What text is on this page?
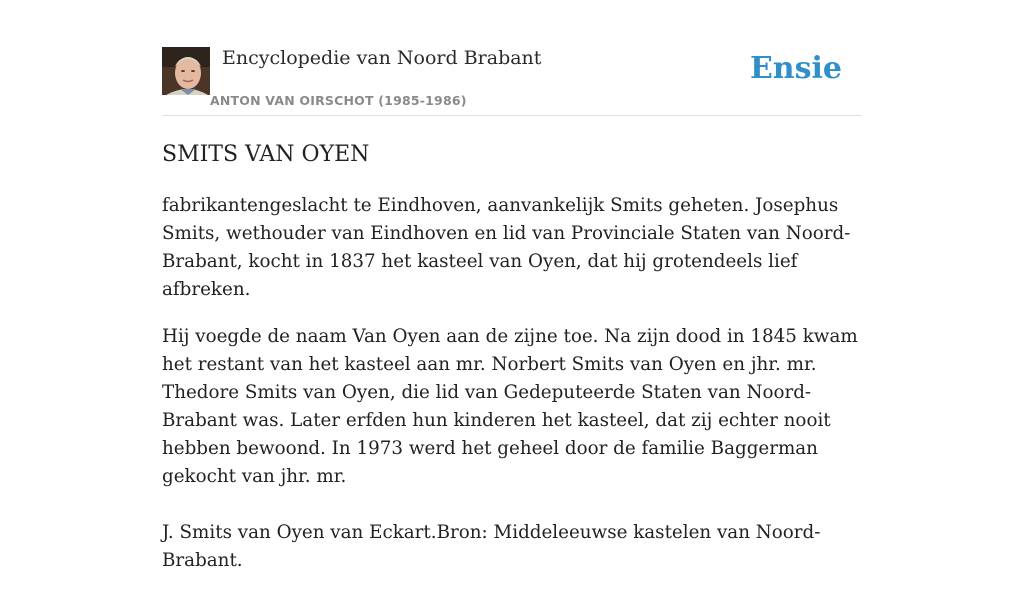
Encyclopedie van Noord Brabant
ANTON VAN OIRSCHOT (1985-1986)
Ensie
SMITS VAN OYEN

fabrikantengeslacht te Eindhoven, aanvankelijk Smits geheten. Josephus Smits, wethouder van Eindhoven en lid van Provinciale Staten van Noord-Brabant, kocht in 1837 het kasteel van Oyen, dat hij grotendeels lief afbreken.

Hij voegde de naam Van Oyen aan de zijne toe. Na zijn dood in 1845 kwam het restant van het kasteel aan mr. Norbert Smits van Oyen en jhr. mr. Thedore Smits van Oyen, die lid van Gedeputeerde Staten van Noord-Brabant was. Later erfden hun kinderen het kasteel, dat zij echter nooit hebben bewoond. In 1973 werd het geheel door de familie Baggerman gekocht van jhr. mr.

J. Smits van Oyen van Eckart.Bron: Middeleeuwse kastelen van Noord-Brabant.
